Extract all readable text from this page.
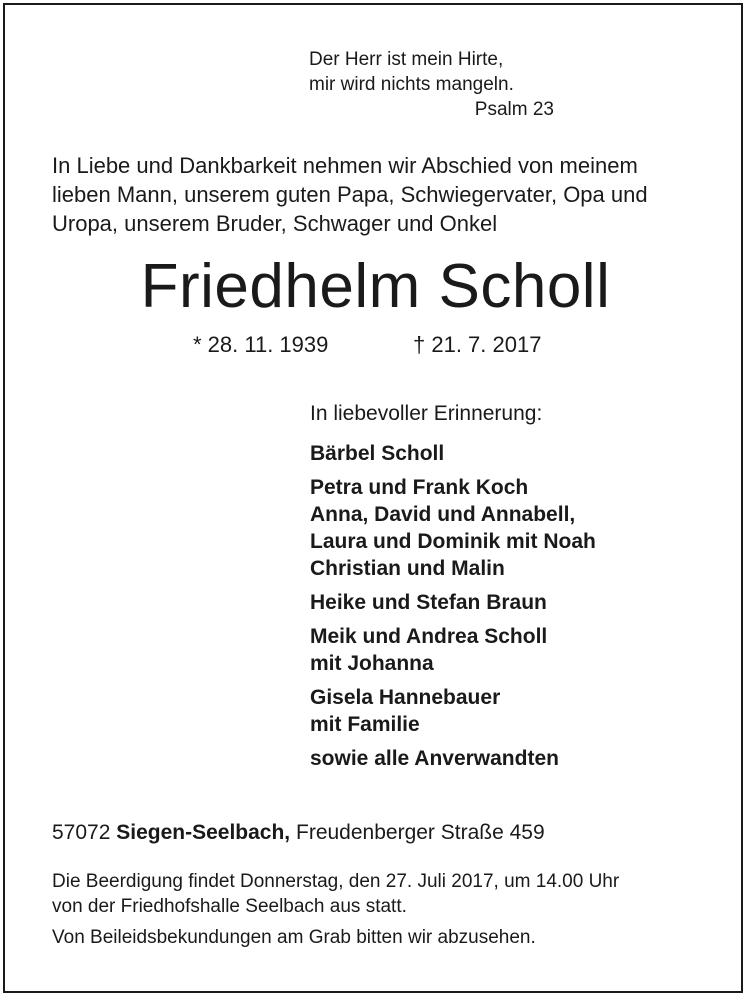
Der Herr ist mein Hirte,
mir wird nichts mangeln.
Psalm 23
In Liebe und Dankbarkeit nehmen wir Abschied von meinem
lieben Mann, unserem guten Papa, Schwiegervater, Opa und
Uropa, unserem Bruder, Schwager und Onkel
Friedhelm Scholl
* 28. 11. 1939	† 21. 7. 2017
In liebevoller Erinnerung:
Bärbel Scholl
Petra und Frank Koch
Anna, David und Annabell,
Laura und Dominik mit Noah
Christian und Malin
Heike und Stefan Braun
Meik und Andrea Scholl
mit Johanna
Gisela Hannebauer
mit Familie
sowie alle Anverwandten
57072 Siegen-Seelbach, Freudenberger Straße 459
Die Beerdigung findet Donnerstag, den 27. Juli 2017, um 14.00 Uhr
von der Friedhofshalle Seelbach aus statt.
Von Beileidsbekundungen am Grab bitten wir abzusehen.
